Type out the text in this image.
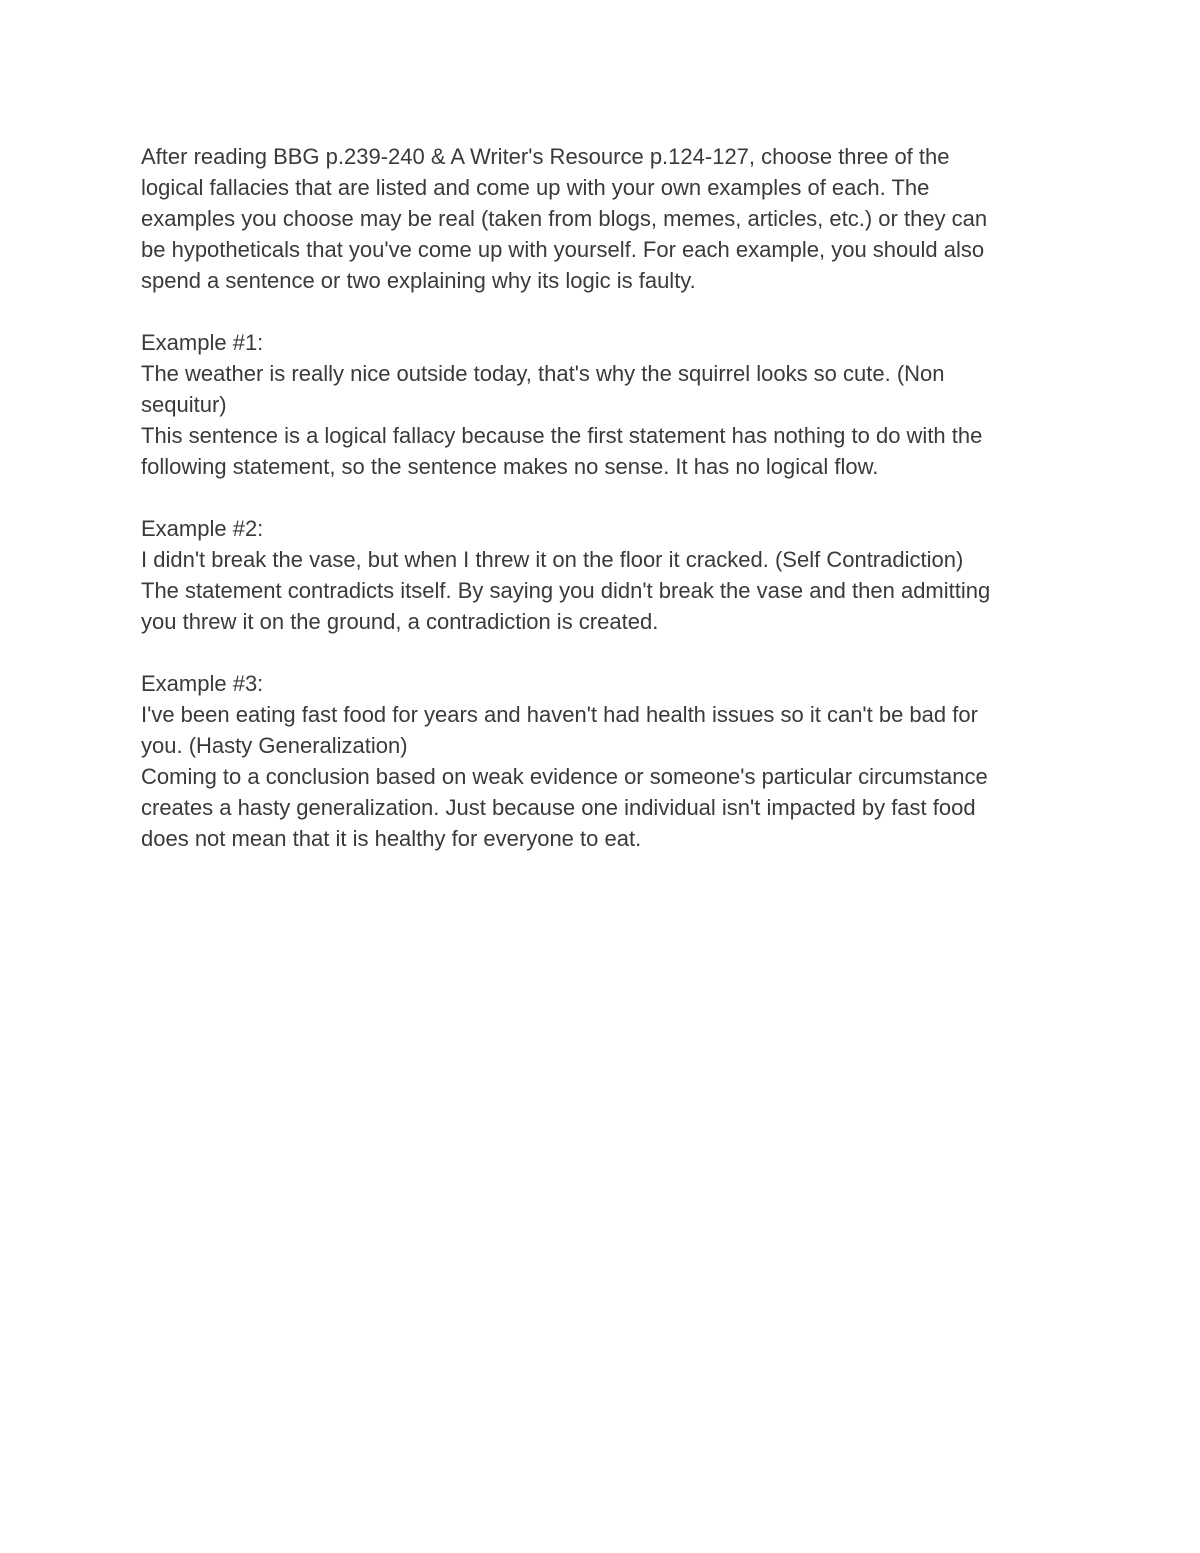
After reading BBG p.239-240 & A Writer's Resource p.124-127, choose three of the
logical fallacies that are listed and come up with your own examples of each. The
examples you choose may be real (taken from blogs, memes, articles, etc.) or they can
be hypotheticals that you've come up with yourself. For each example, you should also
spend a sentence or two explaining why its logic is faulty.
Example #1:
The weather is really nice outside today, that's why the squirrel looks so cute. (Non
sequitur)
This sentence is a logical fallacy because the first statement has nothing to do with the
following statement, so the sentence makes no sense. It has no logical flow.
Example #2:
I didn't break the vase, but when I threw it on the floor it cracked. (Self Contradiction)
The statement contradicts itself. By saying you didn't break the vase and then admitting
you threw it on the ground, a contradiction is created.
Example #3:
I've been eating fast food for years and haven't had health issues so it can't be bad for
you. (Hasty Generalization)
Coming to a conclusion based on weak evidence or someone's particular circumstance
creates a hasty generalization. Just because one individual isn't impacted by fast food
does not mean that it is healthy for everyone to eat.
